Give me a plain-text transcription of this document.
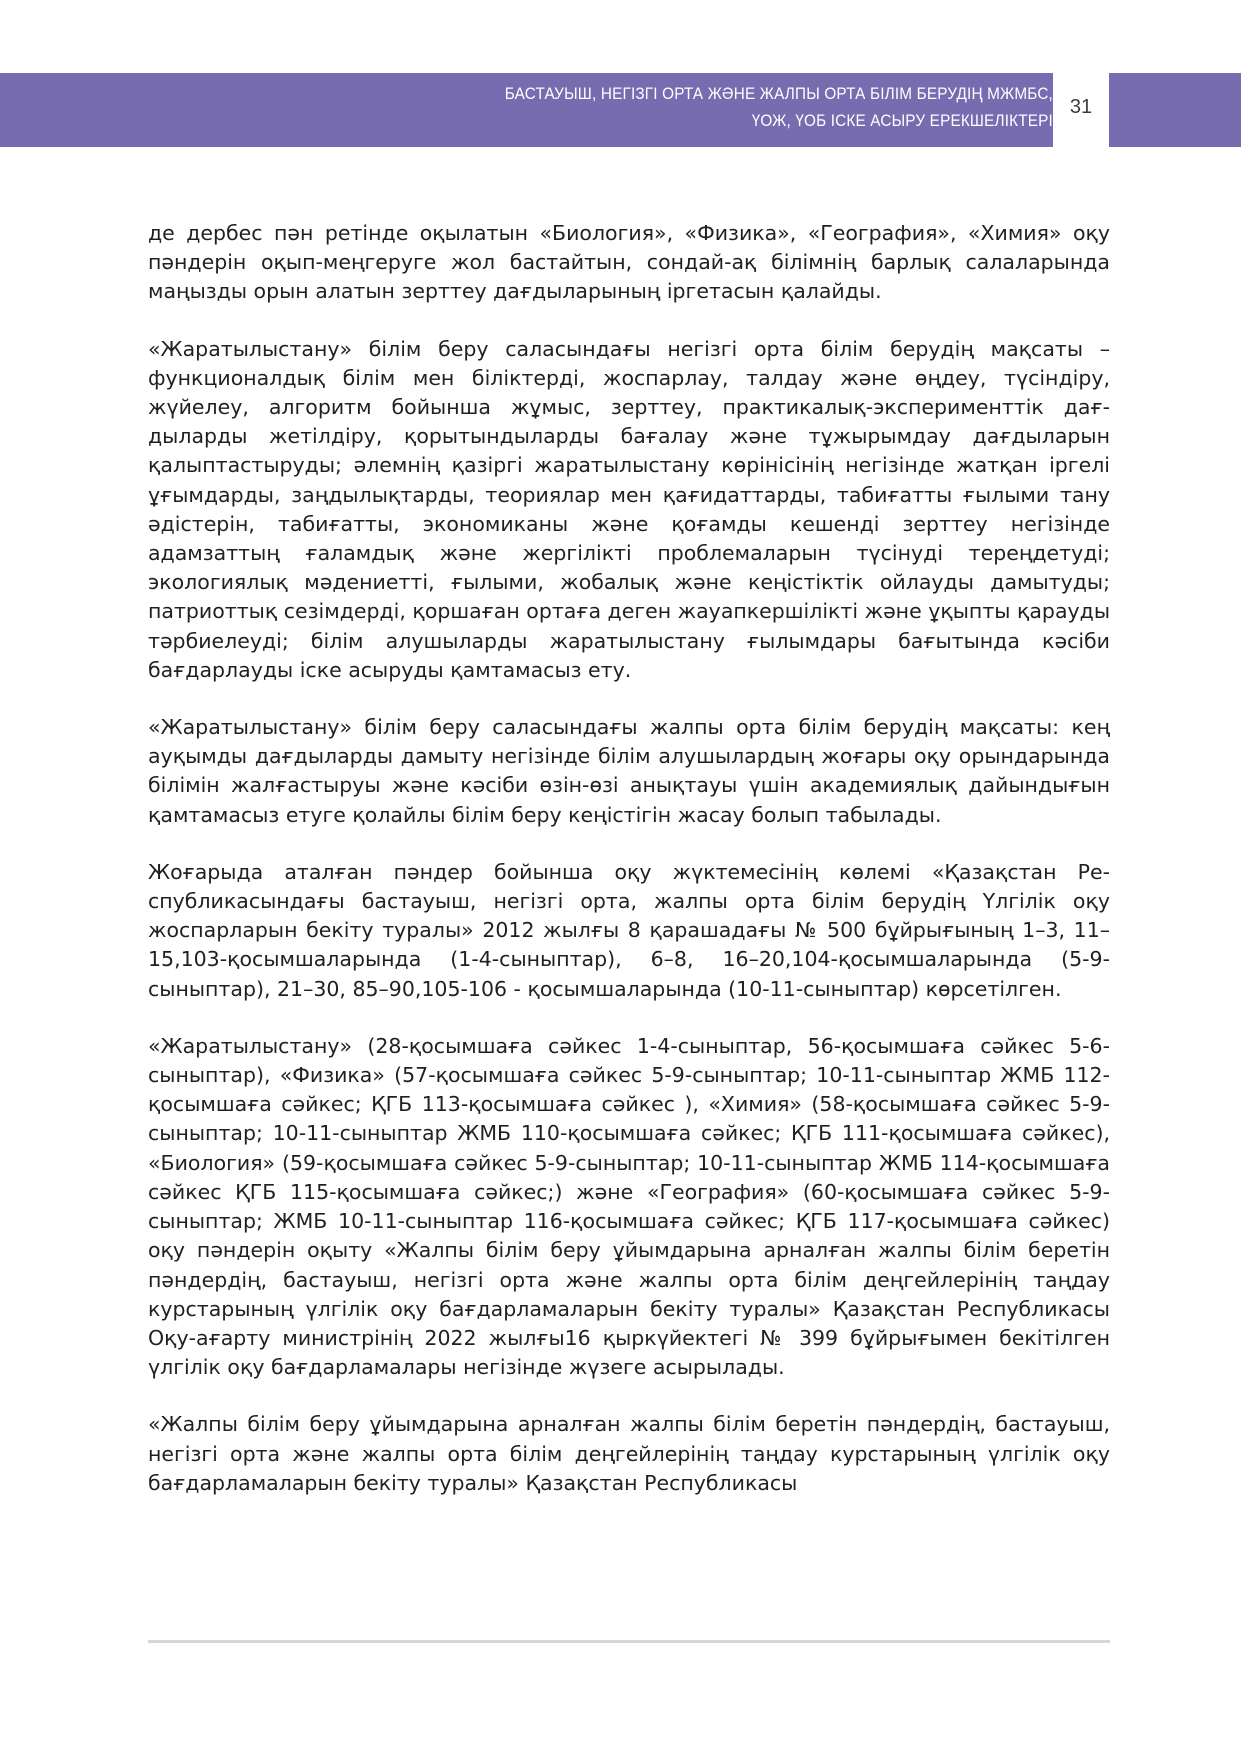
БАСТАУЫШ, НЕГІЗГІ ОРТА ЖӘНЕ ЖАЛПЫ ОРТА БІЛІМ БЕРУДІҢ МЖМБС,
ҮОЖ, ҮОБ ІСКЕ АСЫРУ ЕРЕКШЕЛІКТЕРІ
31

де дербес пән ретінде оқылатын «Биология», «Физика», «География», «Химия» оқу пәндерін оқып-меңгеруге жол бастайтын, сондай-ақ білімнің барлық салаларында маңызды орын алатын зерттеу дағдыларының іргетасын қалайды.

«Жаратылыстану» білім беру саласындағы негізгі орта білім берудің мақсаты – функционалдық білім мен біліктерді, жоспарлау, талдау және өңдеу, түсіндіру, жүйелеу, алгоритм бойынша жұмыс, зерттеу, практикалық-эксперименттік дағдыларды жетілдіру, қорытындыларды бағалау және тұжырымдау дағдыларын қалыптастыруды; әлемнің қазіргі жаратылыстану көрінісінің негізінде жатқан іргелі ұғымдарды, заңдылықтарды, теориялар мен қағидаттарды, табиғатты ғылыми тану әдістерін, табиғатты, экономиканы және қоғамды кешенді зерттеу негізінде адамзаттың ғаламдық және жергілікті проблемаларын түсінуді тереңдетуді; экологиялық мәдениетті, ғылыми, жобалық және кеңістіктік ойлауды дамытуды; патриоттық сезімдерді, қоршаған ортаға деген жауапкершілікті және ұқыпты қарауды тәрбиелеуді; білім алушыларды жаратылыстану ғылымдары бағытында кәсіби бағдарлауды іске асыруды қамтамасыз ету.

«Жаратылыстану» білім беру саласындағы жалпы орта білім берудің мақсаты: кең ауқымды дағдыларды дамыту негізінде білім алушылардың жоғары оқу орындарында білімін жалғастыруы және кәсіби өзін-өзі анықтауы үшін академиялық дайындығын қамтамасыз етуге қолайлы білім беру кеңістігін жасау болып табылады.

Жоғарыда аталған пәндер бойынша оқу жүктемесінің көлемі «Қазақстан Республикасындағы бастауыш, негізгі орта, жалпы орта білім берудің Үлгілік оқу жоспарларын бекіту туралы» 2012 жылғы 8 қарашадағы № 500 бұйрығының 1–3, 11–15,103-қосымшаларында (1-4-сыныптар), 6–8, 16–20,104-қосымшаларында (5-9-сыныптар), 21–30, 85–90,105-106 - қосымшаларында (10-11-сыныптар) көрсетілген.

«Жаратылыстану» (28-қосымшаға сәйкес 1-4-сыныптар, 56-қосымшаға сәйкес 5-6-сыныптар), «Физика» (57-қосымшаға сәйкес 5-9-сыныптар; 10-11-сыныптар ЖМБ 112-қосымшаға сәйкес; ҚГБ 113-қосымшаға сәйкес ), «Химия» (58-қосымшаға сәйкес 5-9-сыныптар; 10-11-сыныптар ЖМБ 110-қосымшаға сәйкес; ҚГБ 111-қосымшаға сәйкес), «Биология» (59-қосымшаға сәйкес 5-9-сыныптар; 10-11-сыныптар ЖМБ 114-қосымшаға сәйкес ҚГБ 115-қосымшаға сәйкес;) және «География» (60-қосымшаға сәйкес 5-9-сыныптар; ЖМБ 10-11-сыныптар 116-қосымшаға сәйкес; ҚГБ 117-қосымшаға сәйкес) оқу пәндерін оқыту «Жалпы білім беру ұйымдарына арналған жалпы білім беретін пәндердің, бастауыш, негізгі орта және жалпы орта білім деңгейлерінің таңдау курстарының үлгілік оқу бағдарламаларын бекіту туралы» Қазақстан Республикасы Оқу-ағарту министрінің 2022 жылғы16 қыркүйектегі № 399 бұйрығымен бекітілген үлгілік оқу бағдарламалары негізінде жүзеге асырылады.

«Жалпы білім беру ұйымдарына арналған жалпы білім беретін пәндердің, бастауыш, негізгі орта және жалпы орта білім деңгейлерінің таңдау курстарының үлгілік оқу бағдарламаларын бекіту туралы» Қазақстан Республикасы
